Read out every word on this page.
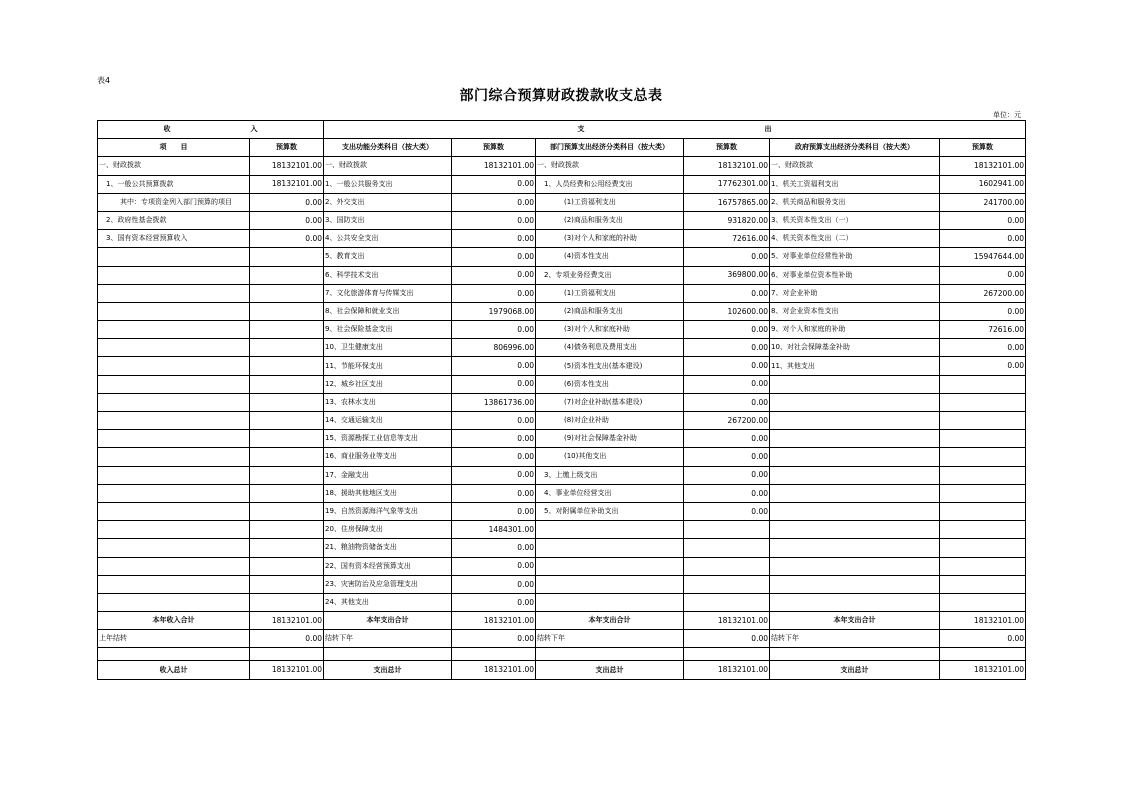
表4
部门综合预算财政拨款收支总表
单位：元
收 入		支 出					
项　　目	预算数	支出功能分类科目（按大类）	预算数	部门预算支出经济分类科目（按大类）	预算数	政府预算支出经济分类科目（按大类）	预算数
一、财政拨款	18132101.00	一、财政拨款	18132101.00	一、财政拨款	18132101.00	一、财政拨款	18132101.00
1、一般公共预算拨款	18132101.00	1、一般公共服务支出	0.00	1、人员经费和公用经费支出	17762301.00	1、机关工资福利支出	1602941.00
其中：专项资金列入部门预算的项目	0.00	2、外交支出	0.00	(1)工资福利支出	16757865.00	2、机关商品和服务支出	241700.00
2、政府性基金拨款	0.00	3、国防支出	0.00	(2)商品和服务支出	931820.00	3、机关资本性支出（一）	0.00
3、国有资本经营预算收入	0.00	4、公共安全支出	0.00	(3)对个人和家庭的补助	72616.00	4、机关资本性支出（二）	0.00
		5、教育支出	0.00	(4)资本性支出	0.00	5、对事业单位经常性补助	15947644.00
		6、科学技术支出	0.00	2、专项业务经费支出	369800.00	6、对事业单位资本性补助	0.00
		7、文化旅游体育与传媒支出	0.00	(1)工资福利支出	0.00	7、对企业补助	267200.00
		8、社会保障和就业支出	1979068.00	(2)商品和服务支出	102600.00	8、对企业资本性支出	0.00
		9、社会保险基金支出	0.00	(3)对个人和家庭补助	0.00	9、对个人和家庭的补助	72616.00
		10、卫生健康支出	806996.00	(4)债务利息及费用支出	0.00	10、对社会保障基金补助	0.00
		11、节能环保支出	0.00	(5)资本性支出(基本建设)	0.00	11、其他支出	0.00
		12、城乡社区支出	0.00	(6)资本性支出	0.00		
		13、农林水支出	13861736.00	(7)对企业补助(基本建设)	0.00		
		14、交通运输支出	0.00	(8)对企业补助	267200.00		
		15、资源勘探工业信息等支出	0.00	(9)对社会保障基金补助	0.00		
		16、商业服务业等支出	0.00	(10)其他支出	0.00		
		17、金融支出	0.00	3、上缴上级支出	0.00		
		18、援助其他地区支出	0.00	4、事业单位经营支出	0.00		
		19、自然资源海洋气象等支出	0.00	5、对附属单位补助支出	0.00		
		20、住房保障支出	1484301.00				
		21、粮油物资储备支出	0.00				
		22、国有资本经营预算支出	0.00				
		23、灾害防治及应急管理支出	0.00				
		24、其他支出	0.00				
本年收入合计	18132101.00	本年支出合计	18132101.00	本年支出合计	18132101.00	本年支出合计	18132101.00
上年结转	0.00	结转下年	0.00	结转下年	0.00	结转下年	0.00

收入总计	18132101.00	支出总计	18132101.00	支出总计	18132101.00	支出总计	18132101.00
